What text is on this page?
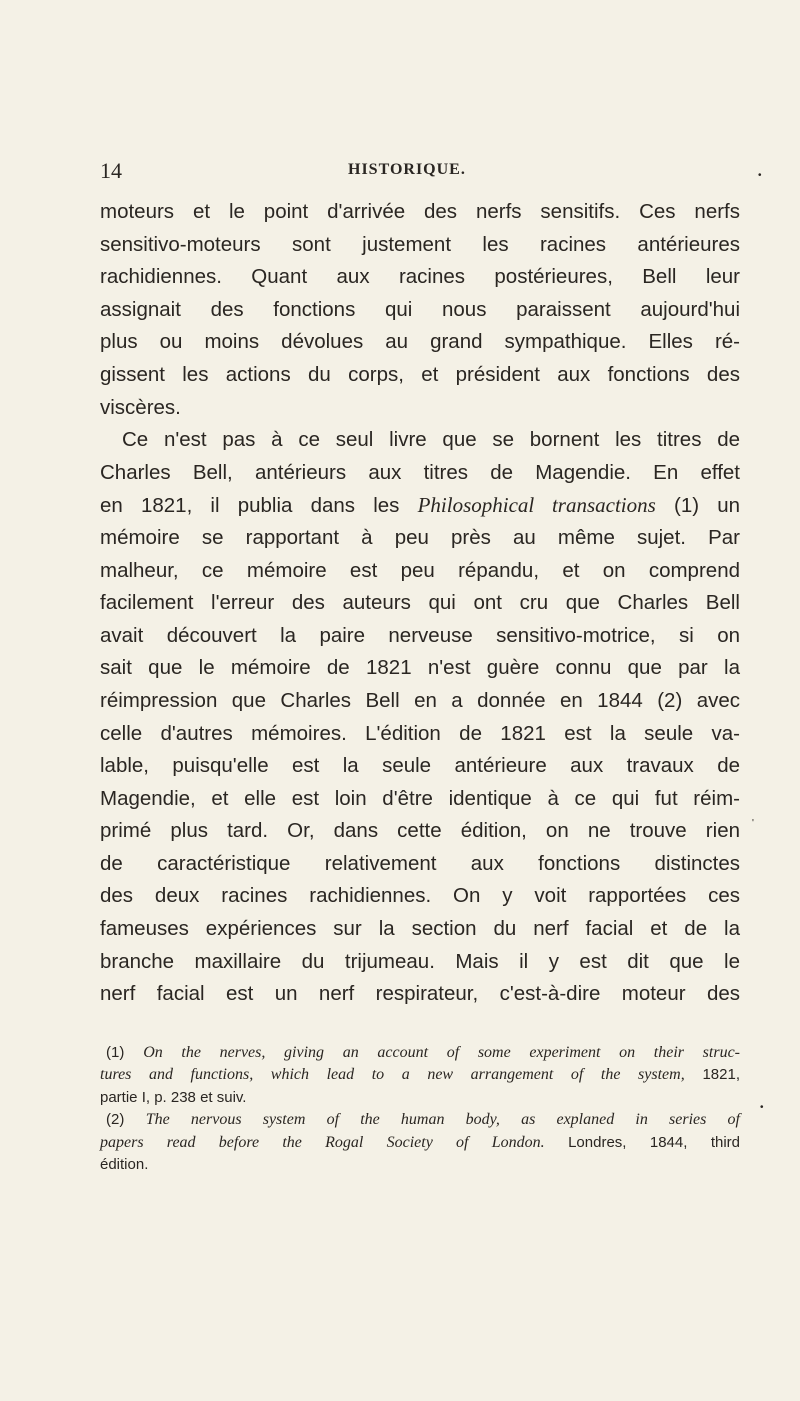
14	HISTORIQUE.	•
moteurs et le point d'arrivée des nerfs sensitifs. Ces nerfs
sensitivo-moteurs sont justement les racines antérieures
rachidiennes. Quant aux racines postérieures, Bell leur
assignait des fonctions qui nous paraissent aujourd'hui
plus ou moins dévolues au grand sympathique. Elles ré-
gissent les actions du corps, et président aux fonctions des
viscères.
Ce n'est pas à ce seul livre que se bornent les titres de
Charles Bell, antérieurs aux titres de Magendie. En effet
en 1821, il publia dans les Philosophical transactions (1) un
mémoire se rapportant à peu près au même sujet. Par
malheur, ce mémoire est peu répandu, et on comprend
facilement l'erreur des auteurs qui ont cru que Charles Bell
avait découvert la paire nerveuse sensitivo-motrice, si on
sait que le mémoire de 1821 n'est guère connu que par la
réimpression que Charles Bell en a donnée en 1844 (2) avec
celle d'autres mémoires. L'édition de 1821 est la seule va-
lable, puisqu'elle est la seule antérieure aux travaux de
Magendie, et elle est loin d'être identique à ce qui fut réim-
primé plus tard. Or, dans cette édition, on ne trouve rien
de caractéristique relativement aux fonctions distinctes
des deux racines rachidiennes. On y voit rapportées ces
fameuses expériences sur la section du nerf facial et de la
branche maxillaire du trijumeau. Mais il y est dit que le
nerf facial est un nerf respirateur, c'est-à-dire moteur des
'
(1) On the nerves, giving an account of some experiment on their struc-
tures and functions, which lead to a new arrangement of the system, 1821,
partie I, p. 238 et suiv.
(2) The nervous system of the human body, as explaned in series of
papers read before the Rogal Society of London. Londres, 1844, third
édition.
•
